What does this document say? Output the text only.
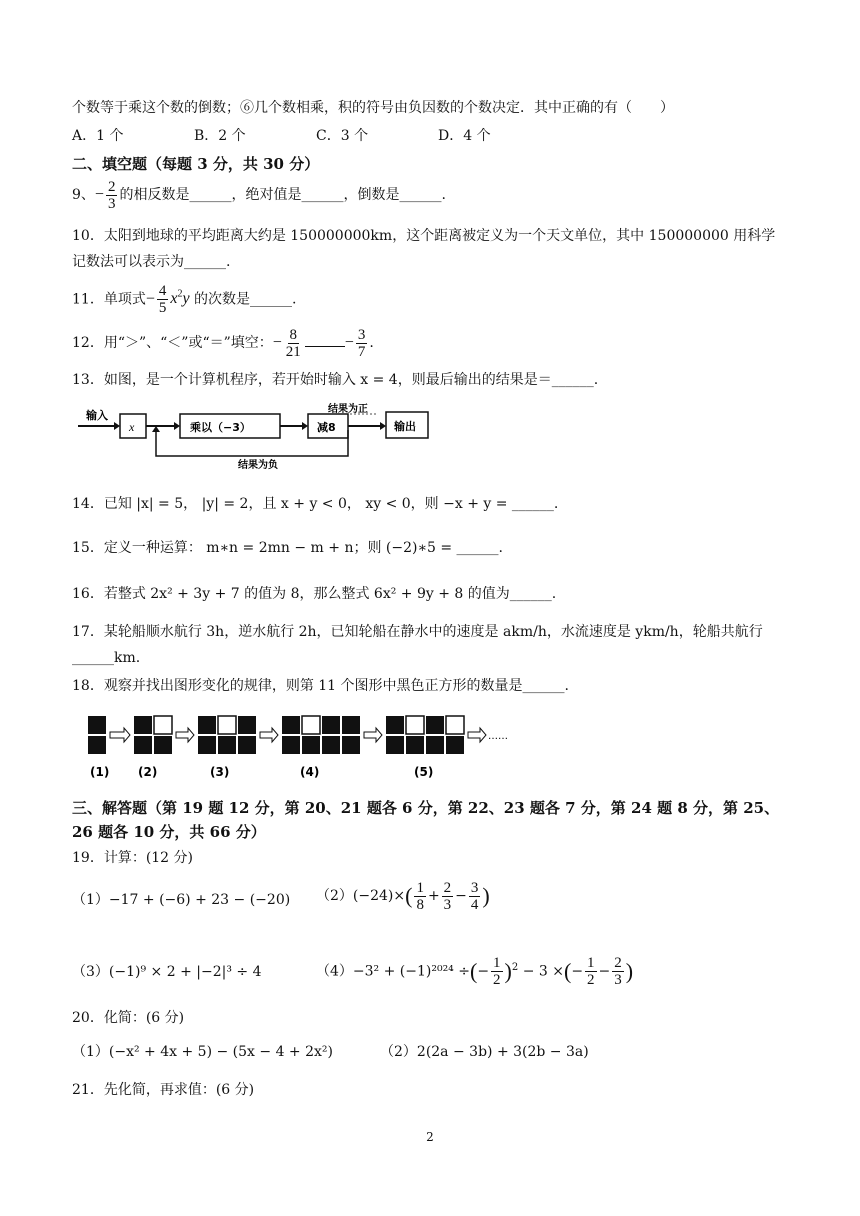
个数等于乘这个数的倒数；⑥几个数相乘，积的符号由负因数的个数决定．其中正确的有（　　）
A．1 个	B．2 个	C．3 个	D．4 个
二、填空题（每题 3 分，共 30 分）
9、− $\frac{2}{3}$ 的相反数是______，绝对值是______，倒数是______.
10．太阳到地球的平均距离大约是 150000000km，这个距离被定义为一个天文单位，其中 150000000 用科学
记数法可以表示为______.
11．单项式− $\frac{4}{5} x^2y$ 的次数是______.
12．用“＞”、“＜”或“＝”填空：− $\frac{8}{21}$	− $\frac{3}{7}$ .
13．如图，是一个计算机程序，若开始时输入 x = 4，则最后输出的结果是＝______.
输入
x	乘以（−3）	减8
结果为正
输出
结果为负
14．已知 |x| = 5， |y| = 2，且 x + y < 0， xy < 0，则 −x + y = ______.
15．定义一种运算： m∗n = 2mn − m + n；则 (−2)∗5 = ______.
16．若整式 2x² + 3y + 7 的值为 8，那么整式 6x² + 9y + 8 的值为______.
17．某轮船顺水航行 3h，逆水航行 2h，已知轮船在静水中的速度是 akm/h，水流速度是 ykm/h，轮船共航行
______km.
18．观察并找出图形变化的规律，则第 11 个图形中黑色正方形的数量是______.
……
(1) (2)	(3)	(4)	(5)
三、解答题（第 19 题 12 分，第 20、21 题各 6 分，第 22、23 题各 7 分，第 24 题 8 分，第 25、
26 题各 10 分，共 66 分）
19．计算：(12 分)
（1）−17 + (−6) + 23 − (−20)	$(2)(-24)\times( \frac{1}{8} + \frac{2}{3} - \frac{3}{4}$ )
（3）(−1)⁹ × 2 + |−2|³ ÷ 4	（4）−3² + (−1)²⁰²⁴ ÷(− $\frac{1}{2} )^2 - 3$ ×(− $\frac{1}{2} - \frac{2}{3}$ )
20．化简：(6 分)
（1）(−x² + 4x + 5) − (5x − 4 + 2x²)	（2）2(2a − 3b) + 3(2b − 3a)
21．先化简，再求值：(6 分)
2
